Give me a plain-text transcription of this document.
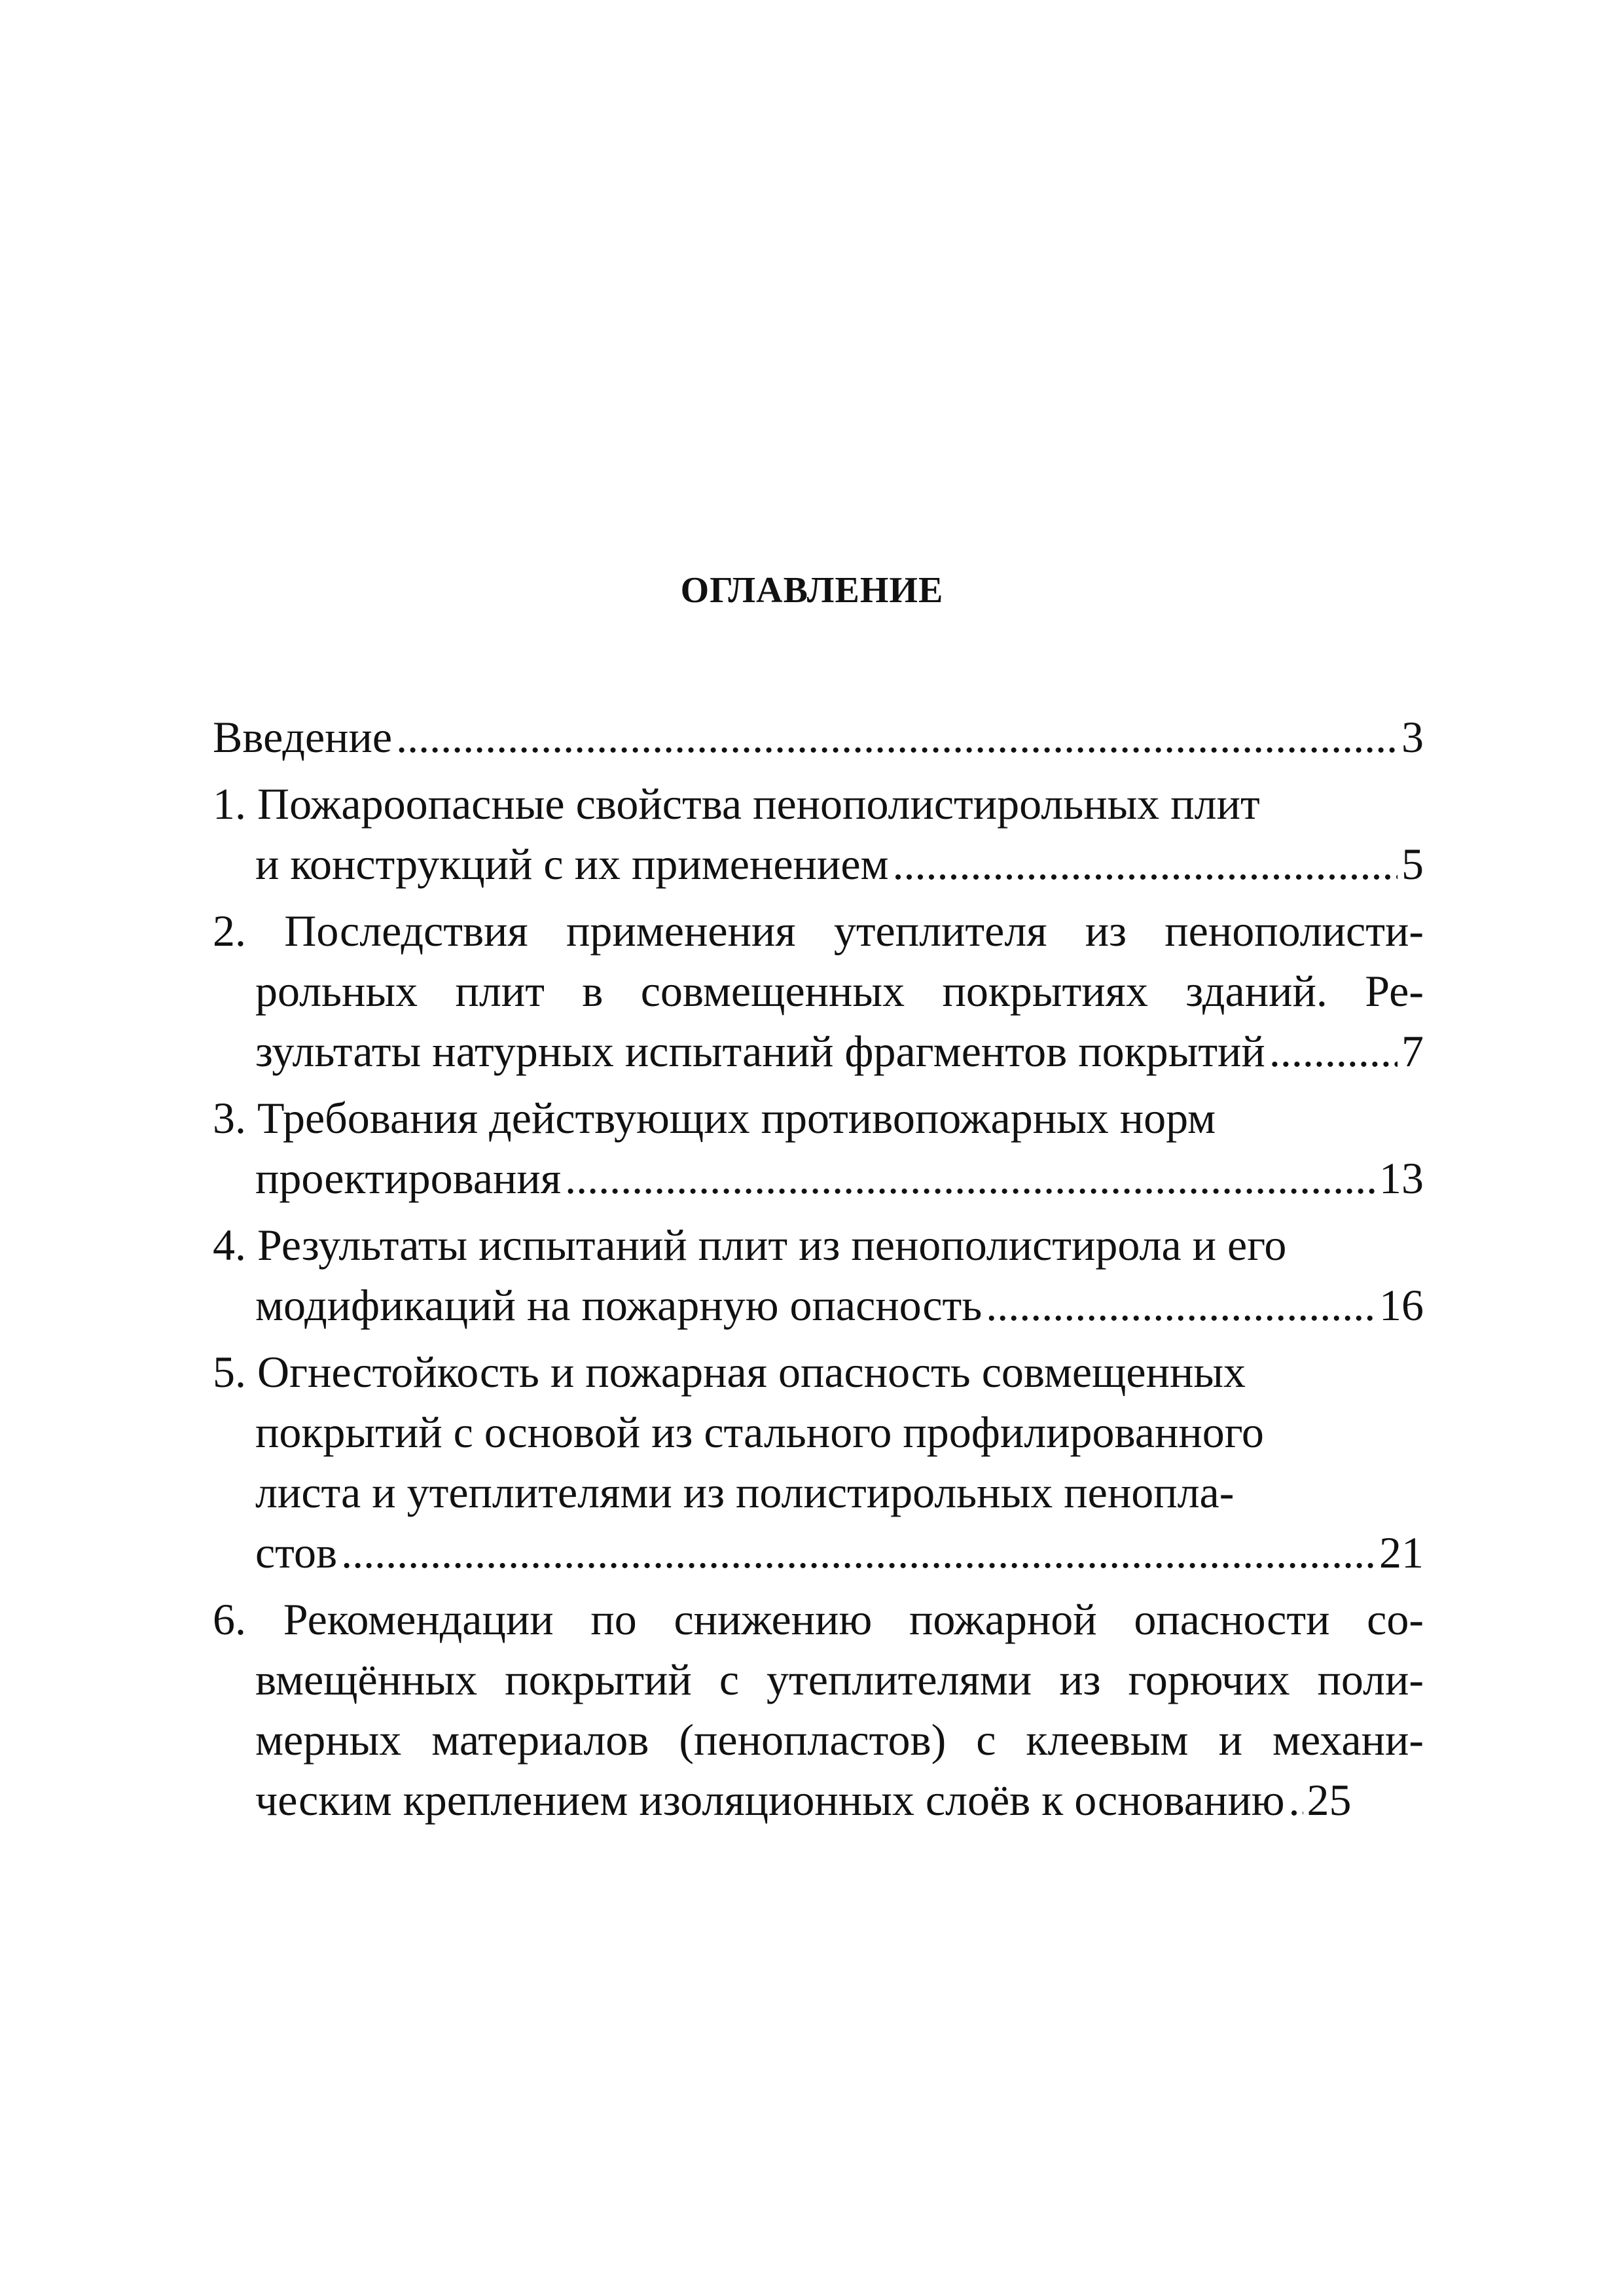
ОГЛАВЛЕНИЕ
Введение .....	3
1. Пожароопасные свойства пенополистирольных плит
и конструкций с их применением .....	5
2. Последствия применения утеплителя из пенополисти-
рольных плит в совмещенных покрытиях зданий. Ре-
зультаты натурных испытаний фрагментов покрытий .....	7
3. Требования действующих противопожарных норм
проектирования .....	13
4. Результаты испытаний плит из пенополистирола и его
модификаций на пожарную опасность .....	16
5. Огнестойкость и пожарная опасность совмещенных
покрытий с основой из стального профилированного
листа и утеплителями из полистирольных пенопла-
стов .....	21
6. Рекомендации по снижению пожарной опасности со-
вмещённых покрытий с утеплителями из горючих поли-
мерных материалов (пенопластов) с клеевым и механи-
ческим креплением изоляционных слоёв к основанию ..... 25
